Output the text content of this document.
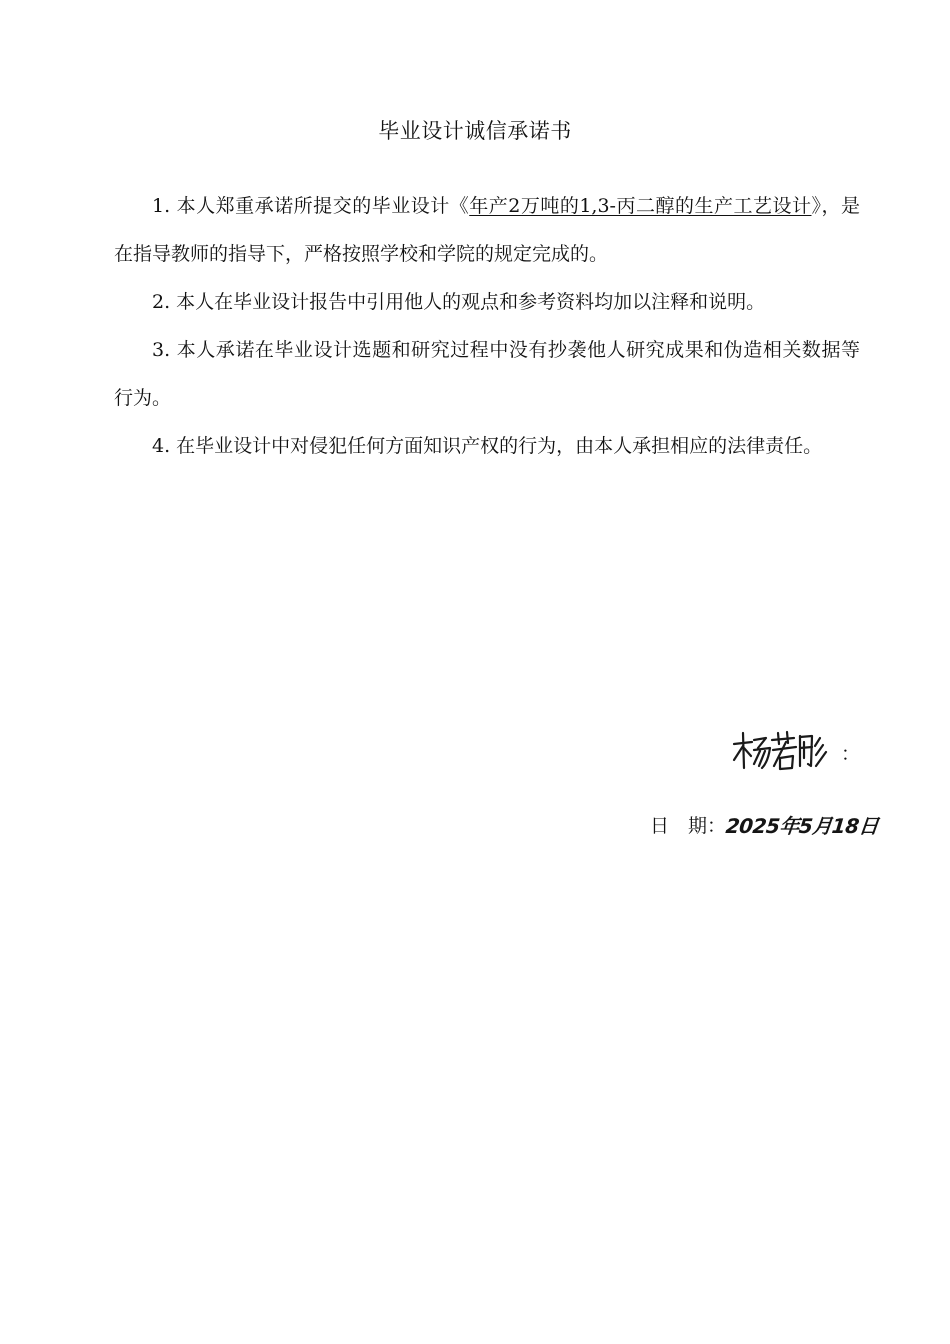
毕业设计诚信承诺书

1. 本人郑重承诺所提交的毕业设计《年产2万吨的1,3-丙二醇的生产工艺设计》，是在指导教师的指导下，严格按照学校和学院的规定完成的。

2. 本人在毕业设计报告中引用他人的观点和参考资料均加以注释和说明。

3. 本人承诺在毕业设计选题和研究过程中没有抄袭他人研究成果和伪造相关数据等行为。

4. 在毕业设计中对侵犯任何方面知识产权的行为，由本人承担相应的法律责任。

：
日　期：
2025年5月18日
